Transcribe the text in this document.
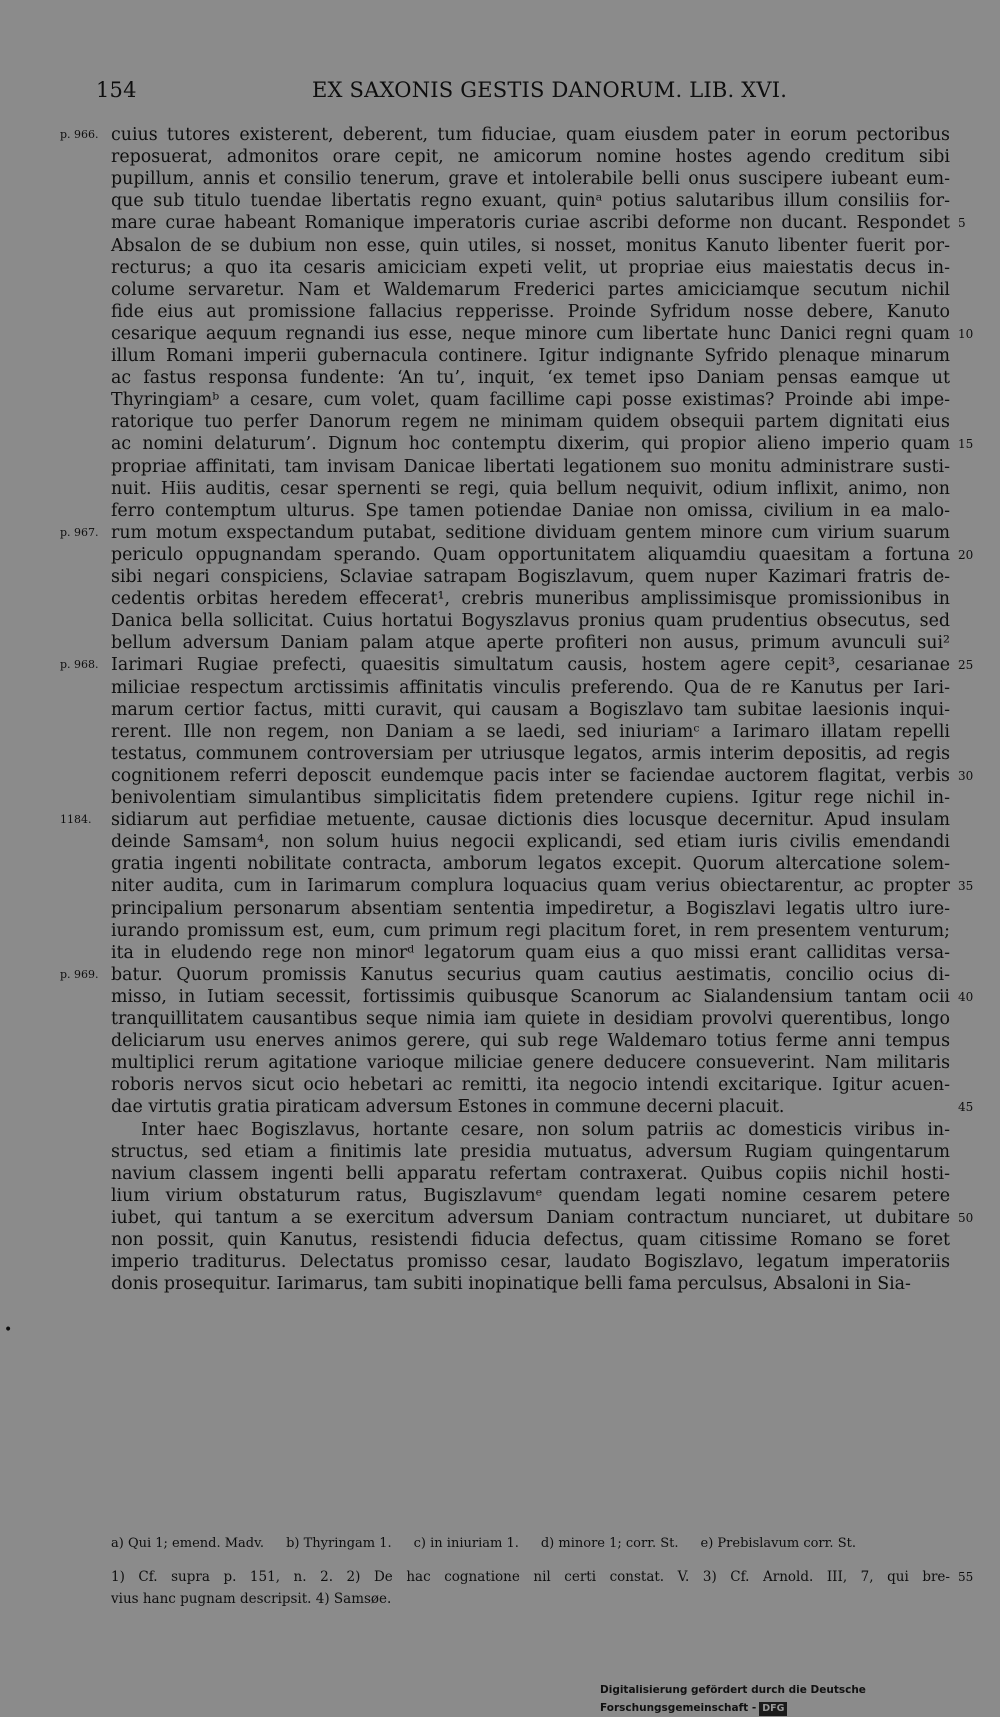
154	EX SAXONIS GESTIS DANORUM. LIB. XVI.
cuius tutores existerent, deberent, tum fiduciae, quam eiusdem pater in eorum pectoribus
reposuerat, admonitos orare cepit, ne amicorum nomine hostes agendo creditum sibi
pupillum, annis et consilio tenerum, grave et intolerabile belli onus suscipere iubeant eum-
que sub titulo tuendae libertatis regno exuant, quinᵃ potius salutaribus illum consiliis for-
mare curae habeant Romanique imperatoris curiae ascribi deforme non ducant. Respondet
Absalon de se dubium non esse, quin utiles, si nosset, monitus Kanuto libenter fuerit por-
recturus; a quo ita cesaris amiciciam expeti velit, ut propriae eius maiestatis decus in-
colume servaretur. Nam et Waldemarum Frederici partes amiciciamque secutum nichil
fide eius aut promissione fallacius repperisse. Proinde Syfridum nosse debere, Kanuto
cesarique aequum regnandi ius esse, neque minore cum libertate hunc Danici regni quam
illum Romani imperii gubernacula continere. Igitur indignante Syfrido plenaque minarum
ac fastus responsa fundente: ‘An tu’, inquit, ‘ex temet ipso Daniam pensas eamque ut
Thyringiamᵇ a cesare, cum volet, quam facillime capi posse existimas? Proinde abi impe-
ratorique tuo perfer Danorum regem ne minimam quidem obsequii partem dignitati eius
ac nomini delaturum’. Dignum hoc contemptu dixerim, qui propior alieno imperio quam
propriae affinitati, tam invisam Danicae libertati legationem suo monitu administrare susti-
nuit. Hiis auditis, cesar spernenti se regi, quia bellum nequivit, odium inflixit, animo, non
ferro contemptum ulturus. Spe tamen potiendae Daniae non omissa, civilium in ea malo-
rum motum exspectandum putabat, seditione dividuam gentem minore cum virium suarum
periculo oppugnandam sperando. Quam opportunitatem aliquamdiu quaesitam a fortuna
sibi negari conspiciens, Sclaviae satrapam Bogiszlavum, quem nuper Kazimari fratris de-
cedentis orbitas heredem effecerat¹, crebris muneribus amplissimisque promissionibus in
Danica bella sollicitat. Cuius hortatui Bogyszlavus pronius quam prudentius obsecutus, sed
bellum adversum Daniam palam atque aperte profiteri non ausus, primum avunculi sui²
Iarimari Rugiae prefecti, quaesitis simultatum causis, hostem agere cepit³, cesarianae
miliciae respectum arctissimis affinitatis vinculis preferendo. Qua de re Kanutus per Iari-
marum certior factus, mitti curavit, qui causam a Bogiszlavo tam subitae laesionis inqui-
rerent. Ille non regem, non Daniam a se laedi, sed iniuriamᶜ a Iarimaro illatam repelli
testatus, communem controversiam per utriusque legatos, armis interim depositis, ad regis
cognitionem referri deposcit eundemque pacis inter se faciendae auctorem flagitat, verbis
benivolentiam simulantibus simplicitatis fidem pretendere cupiens. Igitur rege nichil in-
sidiarum aut perfidiae metuente, causae dictionis dies locusque decernitur. Apud insulam
deinde Samsam⁴, non solum huius negocii explicandi, sed etiam iuris civilis emendandi
gratia ingenti nobilitate contracta, amborum legatos excepit. Quorum altercatione solem-
niter audita, cum in Iarimarum complura loquacius quam verius obiectarentur, ac propter
principalium personarum absentiam sententia impediretur, a Bogiszlavi legatis ultro iure-
iurando promissum est, eum, cum primum regi placitum foret, in rem presentem venturum;
ita in eludendo rege non minorᵈ legatorum quam eius a quo missi erant calliditas versa-
batur. Quorum promissis Kanutus securius quam cautius aestimatis, concilio ocius di-
misso, in Iutiam secessit, fortissimis quibusque Scanorum ac Sialandensium tantam ocii
tranquillitatem causantibus seque nimia iam quiete in desidiam provolvi querentibus, longo
deliciarum usu enerves animos gerere, qui sub rege Waldemaro totius ferme anni tempus
multiplici rerum agitatione varioque miliciae genere deducere consueverint. Nam militaris
roboris nervos sicut ocio hebetari ac remitti, ita negocio intendi excitarique. Igitur acuen-
dae virtutis gratia piraticam adversum Estones in commune decerni placuit.
Inter haec Bogiszlavus, hortante cesare, non solum patriis ac domesticis viribus in-
structus, sed etiam a finitimis late presidia mutuatus, adversum Rugiam quingentarum
navium classem ingenti belli apparatu refertam contraxerat. Quibus copiis nichil hosti-
lium virium obstaturum ratus, Bugiszlavumᵉ quendam legati nomine cesarem petere
iubet, qui tantum a se exercitum adversum Daniam contractum nunciaret, ut dubitare
non possit, quin Kanutus, resistendi fiducia defectus, quam citissime Romano se foret
imperio traditurus. Delectatus promisso cesar, laudato Bogiszlavo, legatum imperatoriis
donis prosequitur. Iarimarus, tam subiti inopinatique belli fama perculsus, Absaloni in Sia-
p. 966.
p. 967.
p. 968.
1184.
p. 969.
5
10
15
20
25
30
35
40
45
50
•
a) Qui 1; emend. Madv. b) Thyringam 1. c) in iniuriam 1. d) minore 1; corr. St. e) Prebislavum corr. St.
1) Cf. supra p. 151, n. 2. 2) De hac cognatione nil certi constat. V. 3) Cf. Arnold. III, 7, qui bre-
vius hanc pugnam descripsit. 4) Samsøe.
55
Digitalisierung gefördert durch die Deutsche Forschungsgemeinschaft - DFG
